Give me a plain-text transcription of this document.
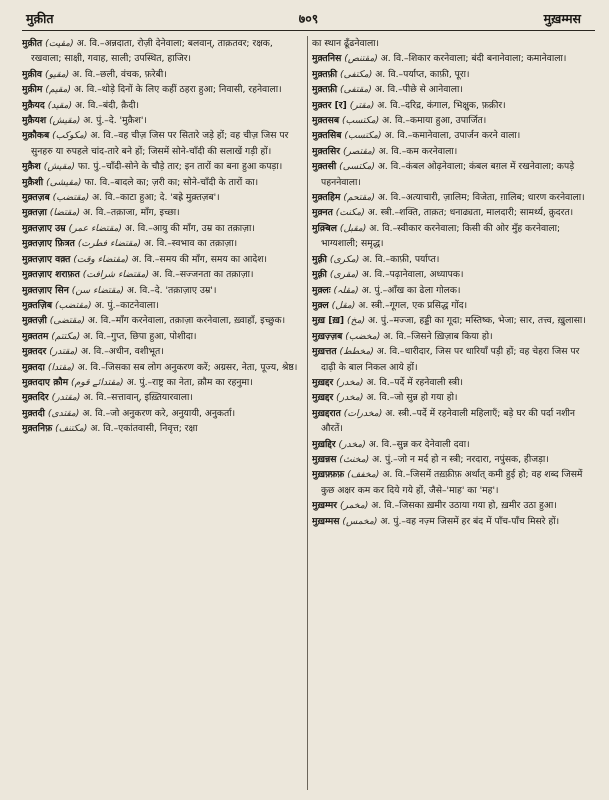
मुक़ीत	७०९	मुख़म्मस

मुक़ीत (مقیت) अ. वि.–अन्नदाता, रोज़ी देनेवाला; बलवान्, ताक़तवर; रक्षक, रखवाला; साक्षी, गवाह, साली; उपस्थित, हाजिर।

मुक़ीव (مقیو) अ. वि.–छली, वंचक, फ़रेबी।

मुक़ीम (مقیم) अ. वि.–थोड़े दिनों के लिए कहीं ठहरा हुआ; निवासी, रहनेवाला।

मुक़ैयद (مقید) अ. वि.–बंदी, क़ैदी।

मुक़ैयश (مقیش) अ. पुं.–दे. 'मुक़ैश'।

मुक़ौकब (مکوکب) अ. वि.–वह चीज़ जिस पर सितारे जड़े हों; वह चीज़ जिस पर सुनहरु या रुपहले चांद-तारे बने हों; जिसमें सोने-चाँदी की सलाखें गड़ी हों।

मुक़ैश (مقیش) फा. पुं.–चाँदी-सोने के चौड़े तार; इन तारों का बना हुआ कपड़ा।

मुक़ैशी (مقیشی) फा. वि.–बादले का; ज़री का; सोने-चाँदी के तारों का।

मुक़्तज़ब (مقتضب) अ. वि.–काटा हुआ; दे. 'बह्रे मुक़्तज़ब'।

मुक़्तज़ा (مقتضا) अ. वि.–तक़ाजा, माँग, इच्छा।

मुक़्तज़ाए उम्र (مقتضاء عمر) अ. वि.–आयु की माँग, उम्र का तक़ाज़ा।

मुक़्तज़ाए फ़ित्रत (مقتضاء فطرت) अ. वि.–स्वभाव का तक़ाज़ा।

मुक़्तज़ाए वक़्त (مقتضاء وقت) अ. वि.–समय की माँग, समय का आदेश।

मुक़्तज़ाए शराफ़त (مقتضاء شرافت) अ. वि.–सज्जनता का तक़ाज़ा।

मुक़्तज़ाए सिन (مقتضاء سن) अ. वि.–दे. 'तक़ाज़ाए उम्र'।

मुक़्तज़िब (مقتضب) अ. पुं.–काटनेवाला।

मुक़्तज़ी (مقتضی) अ. वि.–माँग करनेवाला, तक़ाज़ा करनेवाला, ख़्वाहाँ, इच्छुक।

मुक़्ततम (مكتتم) अ. वि.–गुप्त, छिपा हुआ, पोशीदा।

मुक़्तदर (مقتدر) अ. वि.–अधीन, वशीभूत।

मुक़्तदा (مقتدا) अ. वि.–जिसका सब लोग अनुकरण करें; अग्रसर, नेता, पूज्य, श्रेष्ठ।

मुक़्तदाए क़ौम (مقتدائے قوم) अ. पुं.–राष्ट्र का नेता, क़ौम का रहनुमा।

मुक़्तदिर (مقتدر) अ. वि.–सत्तावान्, इख़्तियारवाला।

मुक़्तदी (مقتدی) अ. वि.–जो अनुकरण करे, अनुयायी, अनुकर्ता।

मुक़्तनिफ़ (مكتنف) अ. वि.–एकांतवासी, निवृत्त; रक्षा

का स्थान ढूँढनेवाला।

मुक़्तनिस (مقتنص) अ. वि.–शिकार करनेवाला; बंदी बनानेवाला; कमानेवाला।

मुक़्तफ़ी (مكتفی) अ. वि.–पर्याप्त, काफ़ी, पूरा।

मुक़्तफ़ी (مقتفی) अ. वि.–पीछे से आनेवाला।

मुक़्तर [र] (مقتر) अ. वि.–दरिद्र, कंगाल, भिक्षुक, फ़क़ीर।

मुक़्तसब (مكتسب) अ. वि.–कमाया हुआ, उपार्जित।

मुक़्तसिब (مكتسب) अ. वि.–कमानेवाला, उपार्जन करने वाला।

मुक़्तसिर (مقتصر) अ. वि.–कम करनेवाला।

मुक़्तसी (مكتسی) अ. वि.–कंबल ओढ़नेवाला; कंबल बग़ल में रखनेवाला; कपड़े पहननेवाला।

मुक़्तहिम (مقتحم) अ. वि.–अत्याचारी, ज़ालिम; विजेता, ग़ालिब; धारण करनेवाला।

मुक़्नत (مكنت) अ. स्त्री.–शक्ति, ताक़त; धनाढ्यता, मालदारी; सामर्थ्य, क़ुदरत।

मुक़्बिल (مقبل) अ. वि.–स्वीकार करनेवाला; किसी की ओर मुँह करनेवाला; भाग्यशाली; समृद्ध।

मुक़्री (مكری) अ. वि.–काफ़ी, पर्याप्त।

मुक़्री (مقری) अ. वि.–पढ़ानेवाला, अध्यापक।

मुक़्लः (مقلہ) अ. पुं.–आँख का ढेला गोलक।

मुक़्ल (مقل) अ. स्त्री.–गूगल, एक प्रसिद्ध गोंद।

मुख़ [ख़] (مخ) अ. पुं.–मज्जा, हड्डी का गूदा; मस्तिष्क, भेजा; सार, तत्त्व, ख़ुलासा।

मुख़ज़्ज़ब (مخضب) अ. वि.–जिसने ख़िज़ाब किया हो।

मुख़त्तत (مخطط) अ. वि.–धारीदार, जिस पर धारियाँ पड़ी हों; वह चेहरा जिस पर दाढ़ी के बाल निकल आये हों।

मुख़द्दर (مخدر) अ. वि.–पर्दे में रहनेवाली स्त्री।

मुख़द्दर (مخدر) अ. वि.–जो सुन्न हो गया हो।

मुख़द्दरात (مخدرات) अ. स्त्री.–पर्दे में रहनेवाली महिलाएँ; बड़े घर की पर्दा नशीन औरतें।

मुख़द्दिर (مخدر) अ. वि.–सुन्न कर देनेवाली दवा।

मुख़न्नस (مخنث) अ. पुं.–जो न मर्द हो न स्त्री; नरदारा, नपुंसक, हीजड़ा।

मुख़फ़्फ़फ़ (مخفف) अ. वि.–जिसमें तख़्फ़ीफ़ अर्थात् कमी हुई हो; वह शब्द जिसमें कुछ अक्षर कम कर दिये गये हों, जैसे–'माह' का 'मह'।

मुख़म्मर (مخمر) अ. वि.–जिसका ख़मीर उठाया गया हो, ख़मीर उठा हुआ।

मुख़म्मस (مخمس) अ. पुं.–वह नज़्म जिसमें हर बंद में पाँच-पाँच मिसरे हों।
